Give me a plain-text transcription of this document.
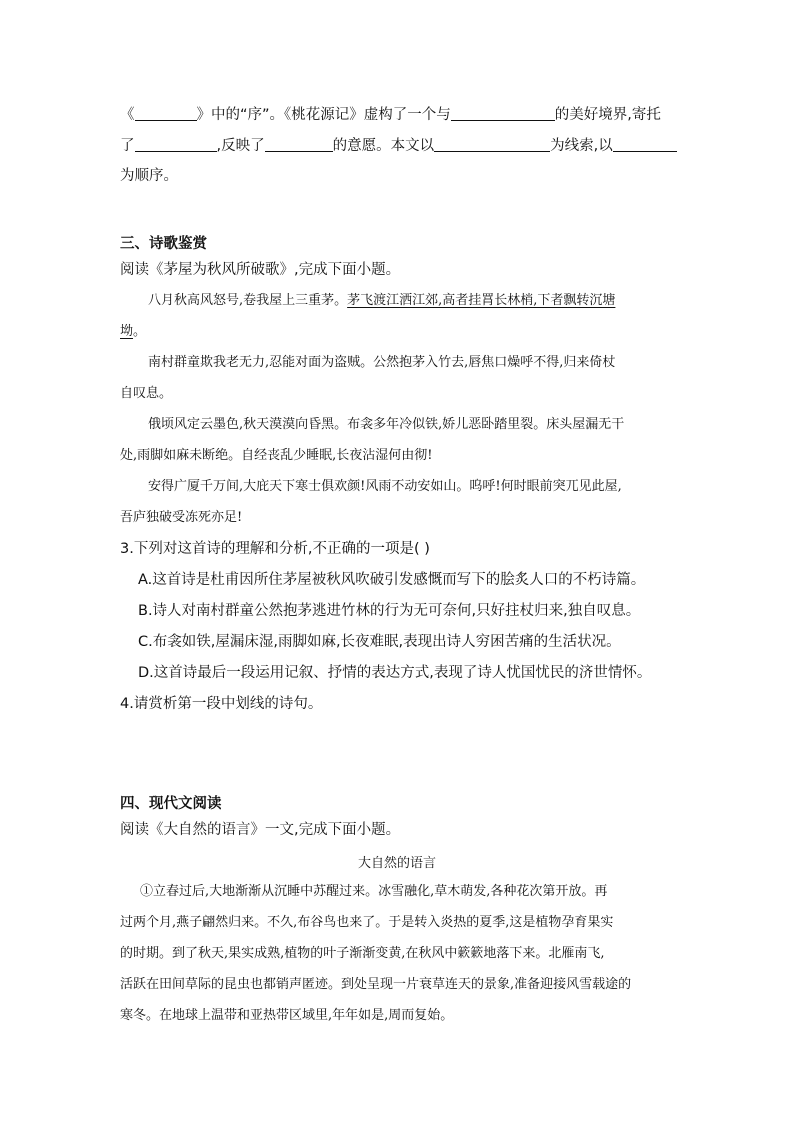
《	》中的“序”。《桃花源记》虚构了一个与	的美好境界,寄托
了	,反映了	的意愿。本文以	为线索,以
为顺序。
三、诗歌鉴赏
阅读《茅屋为秋风所破歌》,完成下面小题。
八月秋高风怒号,卷我屋上三重茅。茅飞渡江洒江郊,高者挂罥长林梢,下者飘转沉塘
坳。
南村群童欺我老无力,忍能对面为盗贼。公然抱茅入竹去,唇焦口燥呼不得,归来倚杖
自叹息。
俄顷风定云墨色,秋天漠漠向昏黑。布衾多年冷似铁,娇儿恶卧踏里裂。床头屋漏无干
处,雨脚如麻未断绝。自经丧乱少睡眠,长夜沾湿何由彻!
安得广厦千万间,大庇天下寒士俱欢颜!风雨不动安如山。呜呼!何时眼前突兀见此屋,
吾庐独破受冻死亦足!
3.下列对这首诗的理解和分析,不正确的一项是( )
A.这首诗是杜甫因所住茅屋被秋风吹破引发感慨而写下的脍炙人口的不朽诗篇。
B.诗人对南村群童公然抱茅逃进竹林的行为无可奈何,只好拄杖归来,独自叹息。
C.布衾如铁,屋漏床湿,雨脚如麻,长夜难眠,表现出诗人穷困苦痛的生活状况。
D.这首诗最后一段运用记叙、抒情的表达方式,表现了诗人忧国忧民的济世情怀。
4.请赏析第一段中划线的诗句。
四、现代文阅读
阅读《大自然的语言》一文,完成下面小题。
大自然的语言
①立春过后,大地渐渐从沉睡中苏醒过来。冰雪融化,草木萌发,各种花次第开放。再
过两个月,燕子翩然归来。不久,布谷鸟也来了。于是转入炎热的夏季,这是植物孕育果实
的时期。到了秋天,果实成熟,植物的叶子渐渐变黄,在秋风中簌簌地落下来。北雁南飞,
活跃在田间草际的昆虫也都销声匿迹。到处呈现一片衰草连天的景象,准备迎接风雪载途的
寒冬。在地球上温带和亚热带区域里,年年如是,周而复始。
